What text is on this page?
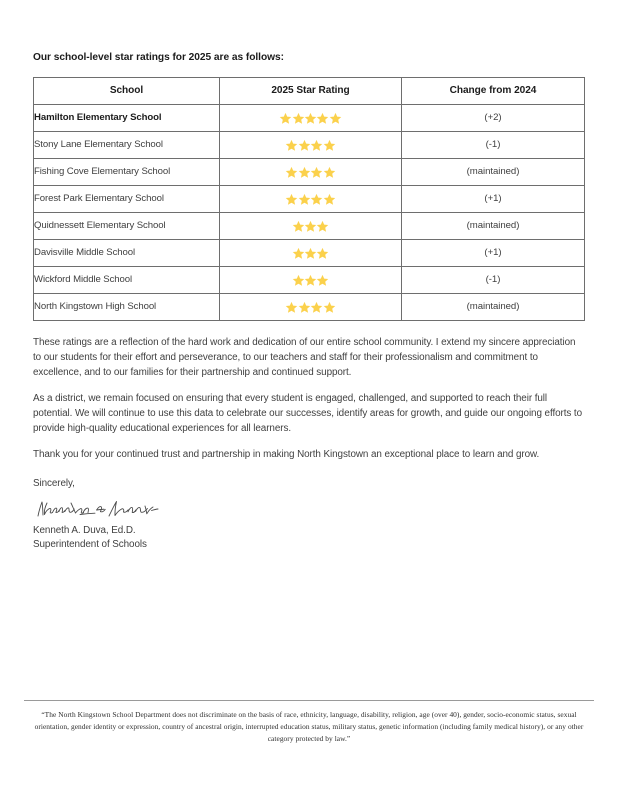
Our school-level star ratings for 2025 are as follows:

School	2025 Star Rating	Change from 2024
Hamilton Elementary School		(+2)
Stony Lane Elementary School		(-1)
Fishing Cove Elementary School		(maintained)
Forest Park Elementary School		(+1)
Quidnessett Elementary School		(maintained)
Davisville Middle School		(+1)
Wickford Middle School		(-1)
North Kingstown High School		(maintained)

These ratings are a reflection of the hard work and dedication of our entire school community. I extend my sincere appreciation to our students for their effort and perseverance, to our teachers and staff for their professionalism and commitment to excellence, and to our families for their partnership and continued support.

As a district, we remain focused on ensuring that every student is engaged, challenged, and supported to reach their full potential. We will continue to use this data to celebrate our successes, identify areas for growth, and guide our ongoing efforts to provide high-quality educational experiences for all learners.

Thank you for your continued trust and partnership in making North Kingstown an exceptional place to learn and grow.

Sincerely,
Kenneth A. Duva, Ed.D.
Superintendent of Schools
“The North Kingstown School Department does not discriminate on the basis of race, ethnicity, language, disability, religion, age (over 40), gender, socio-economic status, sexual orientation, gender identity or expression, country of ancestral origin, interrupted education status, military status, genetic information (including family medical history), or any other category protected by law.”
